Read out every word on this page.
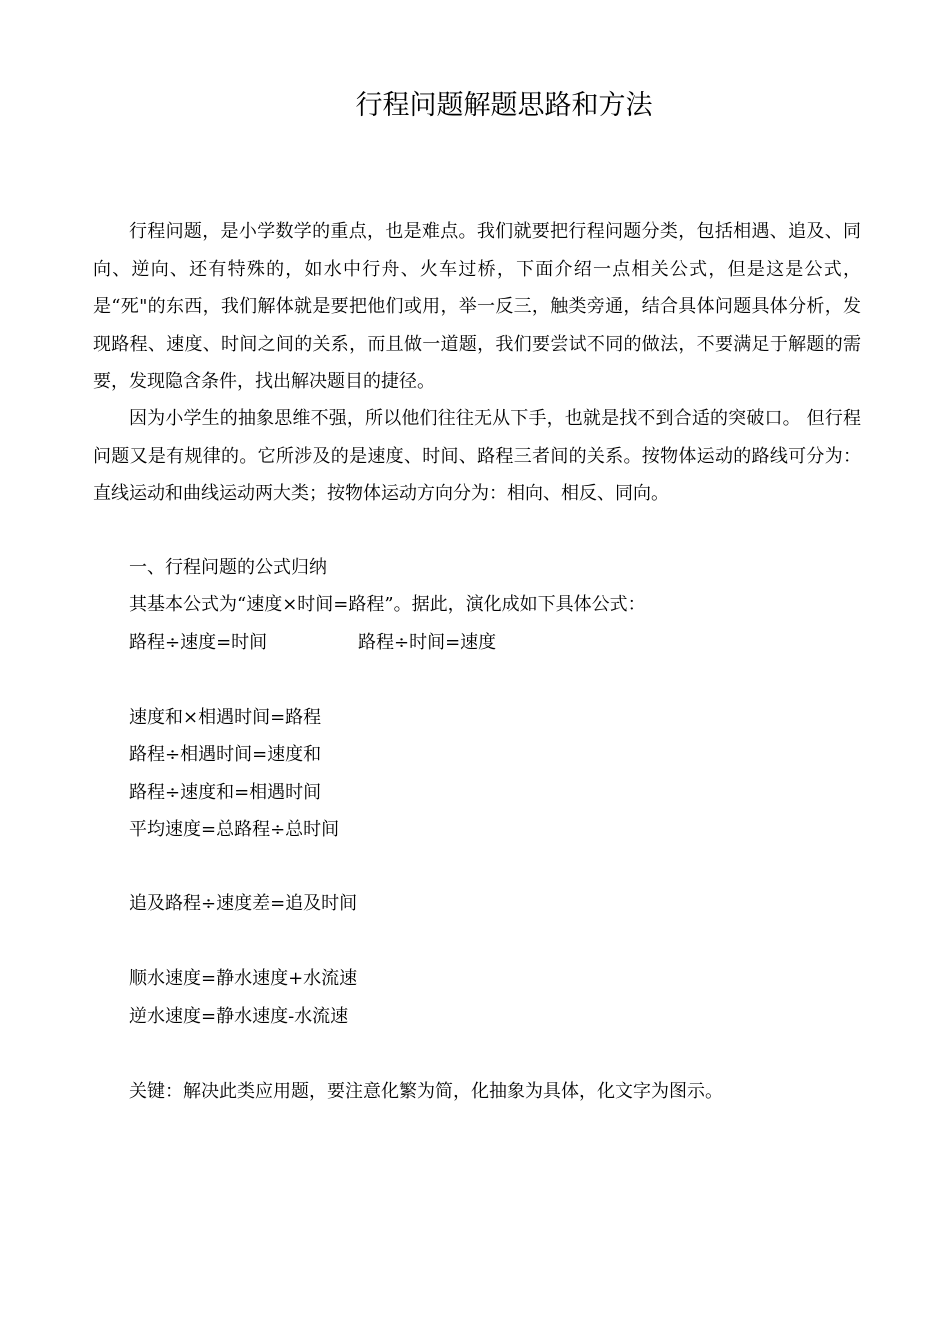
行程问题解题思路和方法

行程问题，是小学数学的重点，也是难点。我们就要把行程问题分类，包括相遇、追及、同向、逆向、还有特殊的，如水中行舟、火车过桥，下面介绍一点相关公式，但是这是公式，是“死"的东西，我们解体就是要把他们或用，举一反三，触类旁通，结合具体问题具体分析，发现路程、速度、时间之间的关系，而且做一道题，我们要尝试不同的做法，不要满足于解题的需要，发现隐含条件，找出解决题目的捷径。

因为小学生的抽象思维不强，所以他们往往无从下手，也就是找不到合适的突破口。 但行程问题又是有规律的。它所涉及的是速度、时间、路程三者间的关系。按物体运动的路线可分为：直线运动和曲线运动两大类；按物体运动方向分为：相向、相反、同向。

一、行程问题的公式归纳
其基本公式为“速度×时间=路程”。据此，演化成如下具体公式：
路程÷速度=时间	路程÷时间=速度
速度和×相遇时间=路程
路程÷相遇时间=速度和
路程÷速度和=相遇时间
平均速度=总路程÷总时间
追及路程÷速度差=追及时间
顺水速度=静水速度+水流速
逆水速度=静水速度-水流速
关键：解决此类应用题，要注意化繁为简，化抽象为具体，化文字为图示。
